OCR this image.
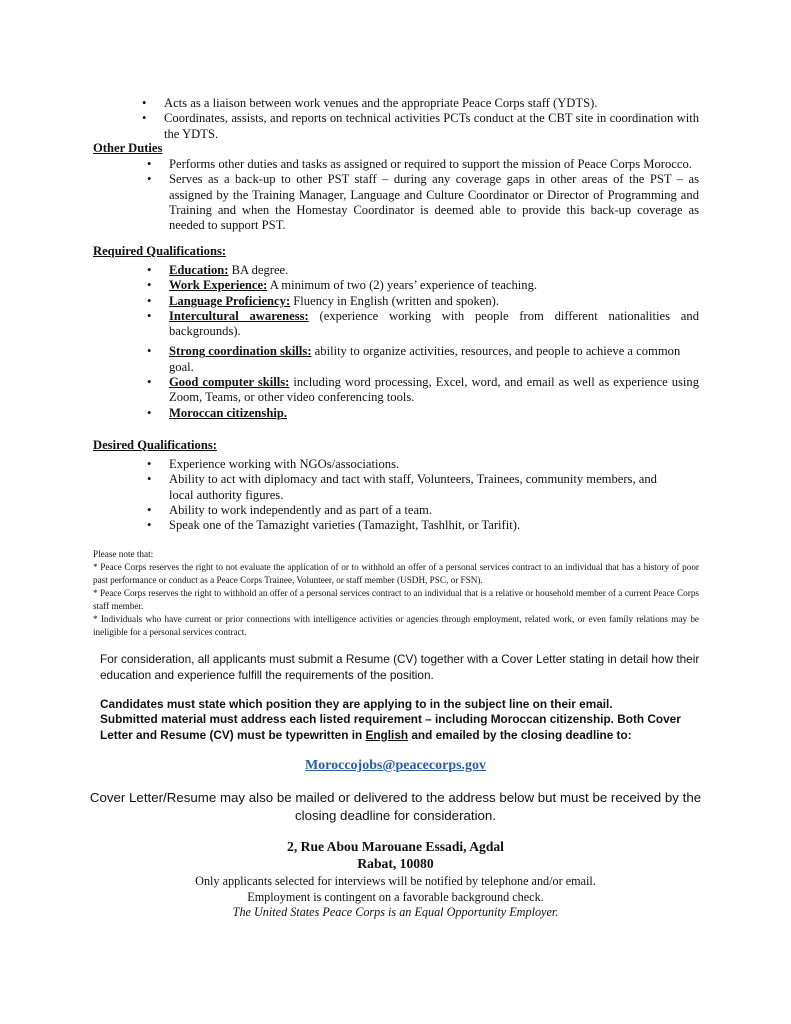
• Acts as a liaison between work venues and the appropriate Peace Corps staff (YDTS).
• Coordinates, assists, and reports on technical activities PCTs conduct at the CBT site in coordination with the YDTS.

Other Duties

• Performs other duties and tasks as assigned or required to support the mission of Peace Corps Morocco.
• Serves as a back-up to other PST staff – during any coverage gaps in other areas of the PST – as assigned by the Training Manager, Language and Culture Coordinator or Director of Programming and Training and when the Homestay Coordinator is deemed able to provide this back-up coverage as needed to support PST.

Required Qualifications:

• Education: BA degree.
• Work Experience: A minimum of two (2) years’ experience of teaching.
• Language Proficiency: Fluency in English (written and spoken).
• Intercultural awareness: (experience working with people from different nationalities and backgrounds).
• Strong coordination skills: ability to organize activities, resources, and people to achieve a common goal.
• Good computer skills: including word processing, Excel, word, and email as well as experience using Zoom, Teams, or other video conferencing tools.
• Moroccan citizenship.

Desired Qualifications:

• Experience working with NGOs/associations.
• Ability to act with diplomacy and tact with staff, Volunteers, Trainees, community members, and local authority figures.
• Ability to work independently and as part of a team.
• Speak one of the Tamazight varieties (Tamazight, Tashlhit, or Tarifit).

Please note that:

* Peace Corps reserves the right to not evaluate the application of or to withhold an offer of a personal services contract to an individual that has a history of poor past performance or conduct as a Peace Corps Trainee, Volunteer, or staff member (USDH, PSC, or FSN).

* Peace Corps reserves the right to withhold an offer of a personal services contract to an individual that is a relative or household member of a current Peace Corps staff member.

* Individuals who have current or prior connections with intelligence activities or agencies through employment, related work, or even family relations may be ineligible for a personal services contract.

For consideration, all applicants must submit a Resume (CV) together with a Cover Letter stating in detail how their education and experience fulfill the requirements of the position.

Candidates must state which position they are applying to in the subject line on their email.

Submitted material must address each listed requirement – including Moroccan citizenship. Both Cover Letter and Resume (CV) must be typewritten in English and emailed by the closing deadline to:

Moroccojobs@peacecorps.gov

Cover Letter/Resume may also be mailed or delivered to the address below but must be received by the
closing deadline for consideration.

2, Rue Abou Marouane Essadi, Agdal
Rabat, 10080

Only applicants selected for interviews will be notified by telephone and/or email.
Employment is contingent on a favorable background check.
The United States Peace Corps is an Equal Opportunity Employer.
